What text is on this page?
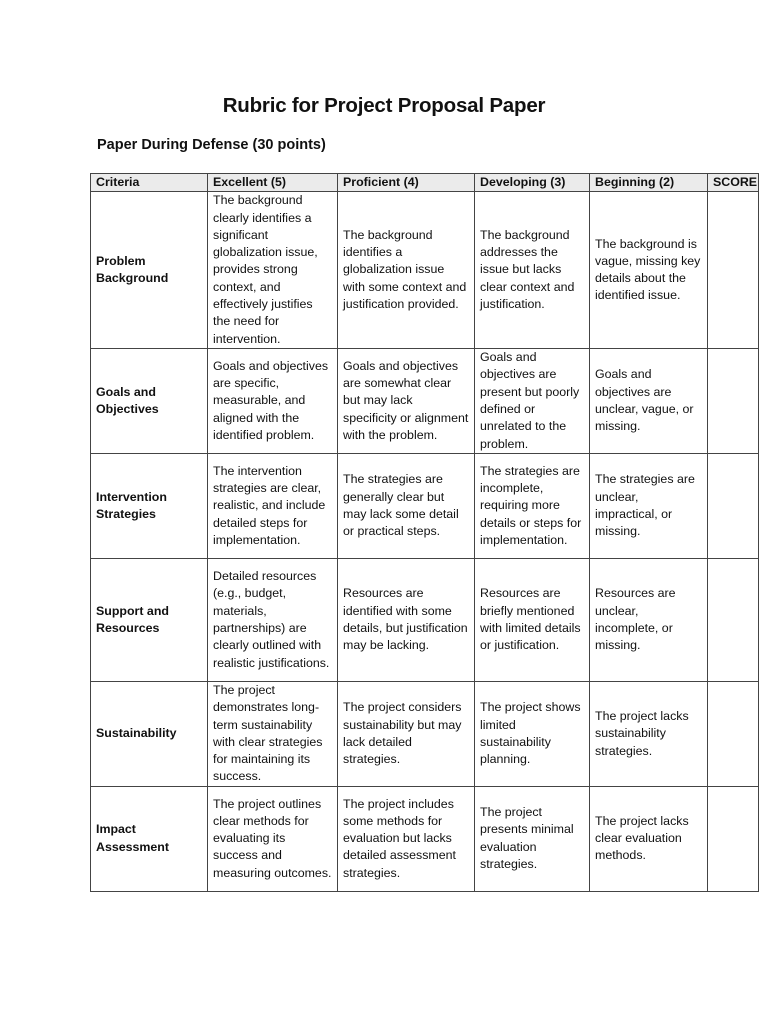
Rubric for Project Proposal Paper
Paper During Defense (30 points)
Criteria	Excellent (5)	Proficient (4)	Developing (3)	Beginning (2)	SCORE
Problem Background	The background clearly identifies a significant globalization issue, provides strong context, and effectively justifies the need for intervention.	The background identifies a globalization issue with some context and justification provided.	The background addresses the issue but lacks clear context and justification.	The background is vague, missing key details about the identified issue.	
Goals and Objectives	Goals and objectives are specific, measurable, and aligned with the identified problem.	Goals and objectives are somewhat clear but may lack specificity or alignment with the problem.	Goals and objectives are present but poorly defined or unrelated to the problem.	Goals and objectives are unclear, vague, or missing.	
Intervention Strategies	The intervention strategies are clear, realistic, and include detailed steps for implementation.	The strategies are generally clear but may lack some detail or practical steps.	The strategies are incomplete, requiring more details or steps for implementation.	The strategies are unclear, impractical, or missing.	
Support and Resources	Detailed resources (e.g., budget, materials, partnerships) are clearly outlined with realistic justifications.	Resources are identified with some details, but justification may be lacking.	Resources are briefly mentioned with limited details or justification.	Resources are unclear, incomplete, or missing.	
Sustainability	The project demonstrates long-term sustainability with clear strategies for maintaining its success.	The project considers sustainability but may lack detailed strategies.	The project shows limited sustainability planning.	The project lacks sustainability strategies.	
Impact Assessment	The project outlines clear methods for evaluating its success and measuring outcomes.	The project includes some methods for evaluation but lacks detailed assessment strategies.	The project presents minimal evaluation strategies.	The project lacks clear evaluation methods.	
